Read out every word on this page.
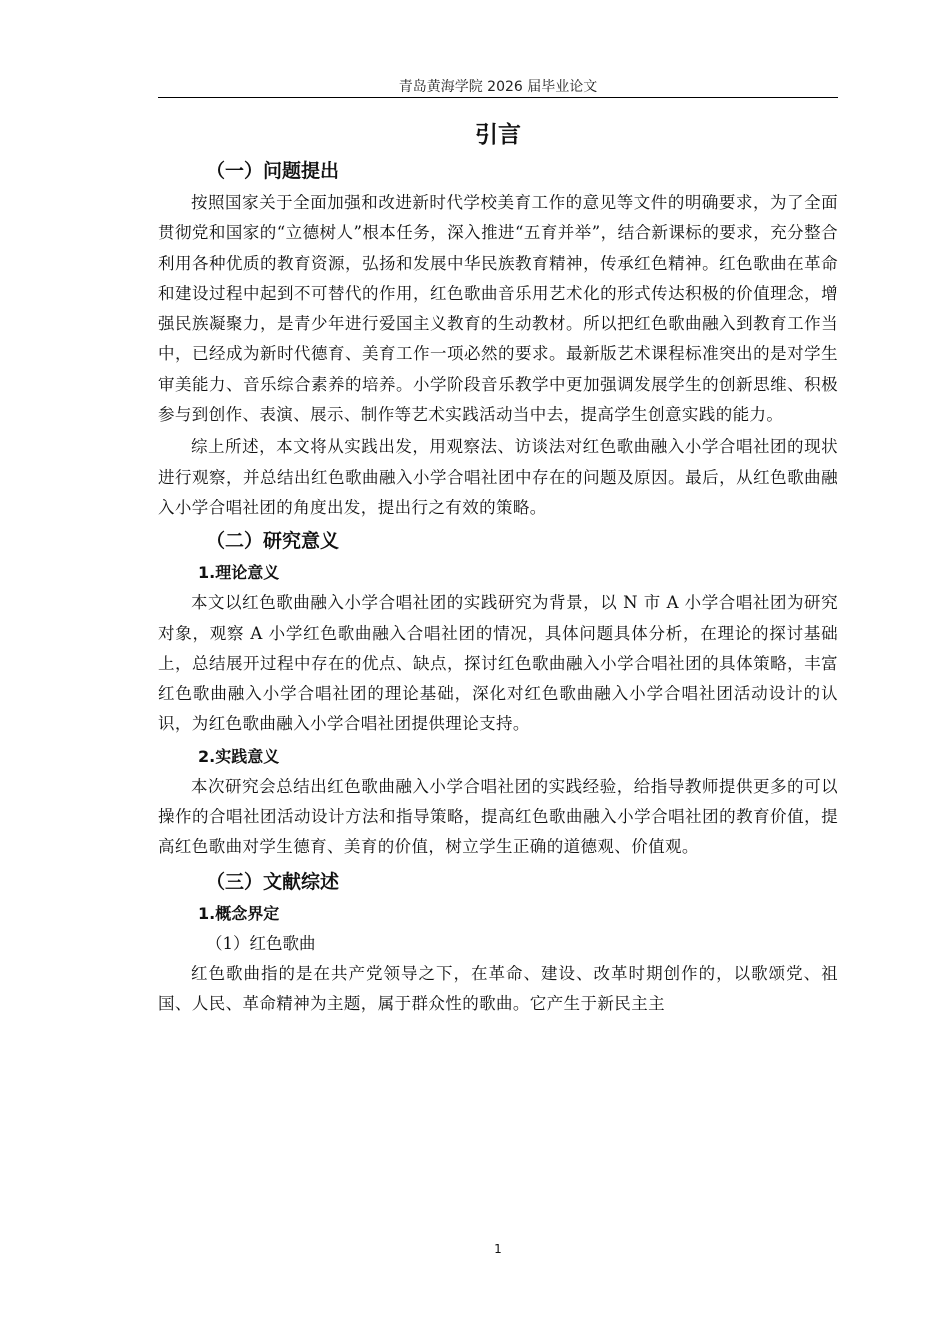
青岛黄海学院 2026 届毕业论文
引言
（一）问题提出

按照国家关于全面加强和改进新时代学校美育工作的意见等文件的明确要求，为了全面贯彻党和国家的“立德树人”根本任务，深入推进“五育并举”，结合新课标的要求，充分整合利用各种优质的教育资源，弘扬和发展中华民族教育精神，传承红色精神。红色歌曲在革命和建设过程中起到不可替代的作用，红色歌曲音乐用艺术化的形式传达积极的价值理念，增强民族凝聚力，是青少年进行爱国主义教育的生动教材。所以把红色歌曲融入到教育工作当中，已经成为新时代德育、美育工作一项必然的要求。最新版艺术课程标准突出的是对学生审美能力、音乐综合素养的培养。小学阶段音乐教学中更加强调发展学生的创新思维、积极参与到创作、表演、展示、制作等艺术实践活动当中去，提高学生创意实践的能力。

综上所述，本文将从实践出发，用观察法、访谈法对红色歌曲融入小学合唱社团的现状进行观察，并总结出红色歌曲融入小学合唱社团中存在的问题及原因。最后，从红色歌曲融入小学合唱社团的角度出发，提出行之有效的策略。

（二）研究意义
1.理论意义

本文以红色歌曲融入小学合唱社团的实践研究为背景，以 N 市 A 小学合唱社团为研究对象，观察 A 小学红色歌曲融入合唱社团的情况，具体问题具体分析，在理论的探讨基础上，总结展开过程中存在的优点、缺点，探讨红色歌曲融入小学合唱社团的具体策略，丰富红色歌曲融入小学合唱社团的理论基础，深化对红色歌曲融入小学合唱社团活动设计的认识，为红色歌曲融入小学合唱社团提供理论支持。

2.实践意义

本次研究会总结出红色歌曲融入小学合唱社团的实践经验，给指导教师提供更多的可以操作的合唱社团活动设计方法和指导策略，提高红色歌曲融入小学合唱社团的教育价值，提高红色歌曲对学生德育、美育的价值，树立学生正确的道德观、价值观。

（三）文献综述
1.概念界定

（1）红色歌曲

红色歌曲指的是在共产党领导之下，在革命、建设、改革时期创作的，以歌颂党、祖国、人民、革命精神为主题，属于群众性的歌曲。它产生于新民主主

1
